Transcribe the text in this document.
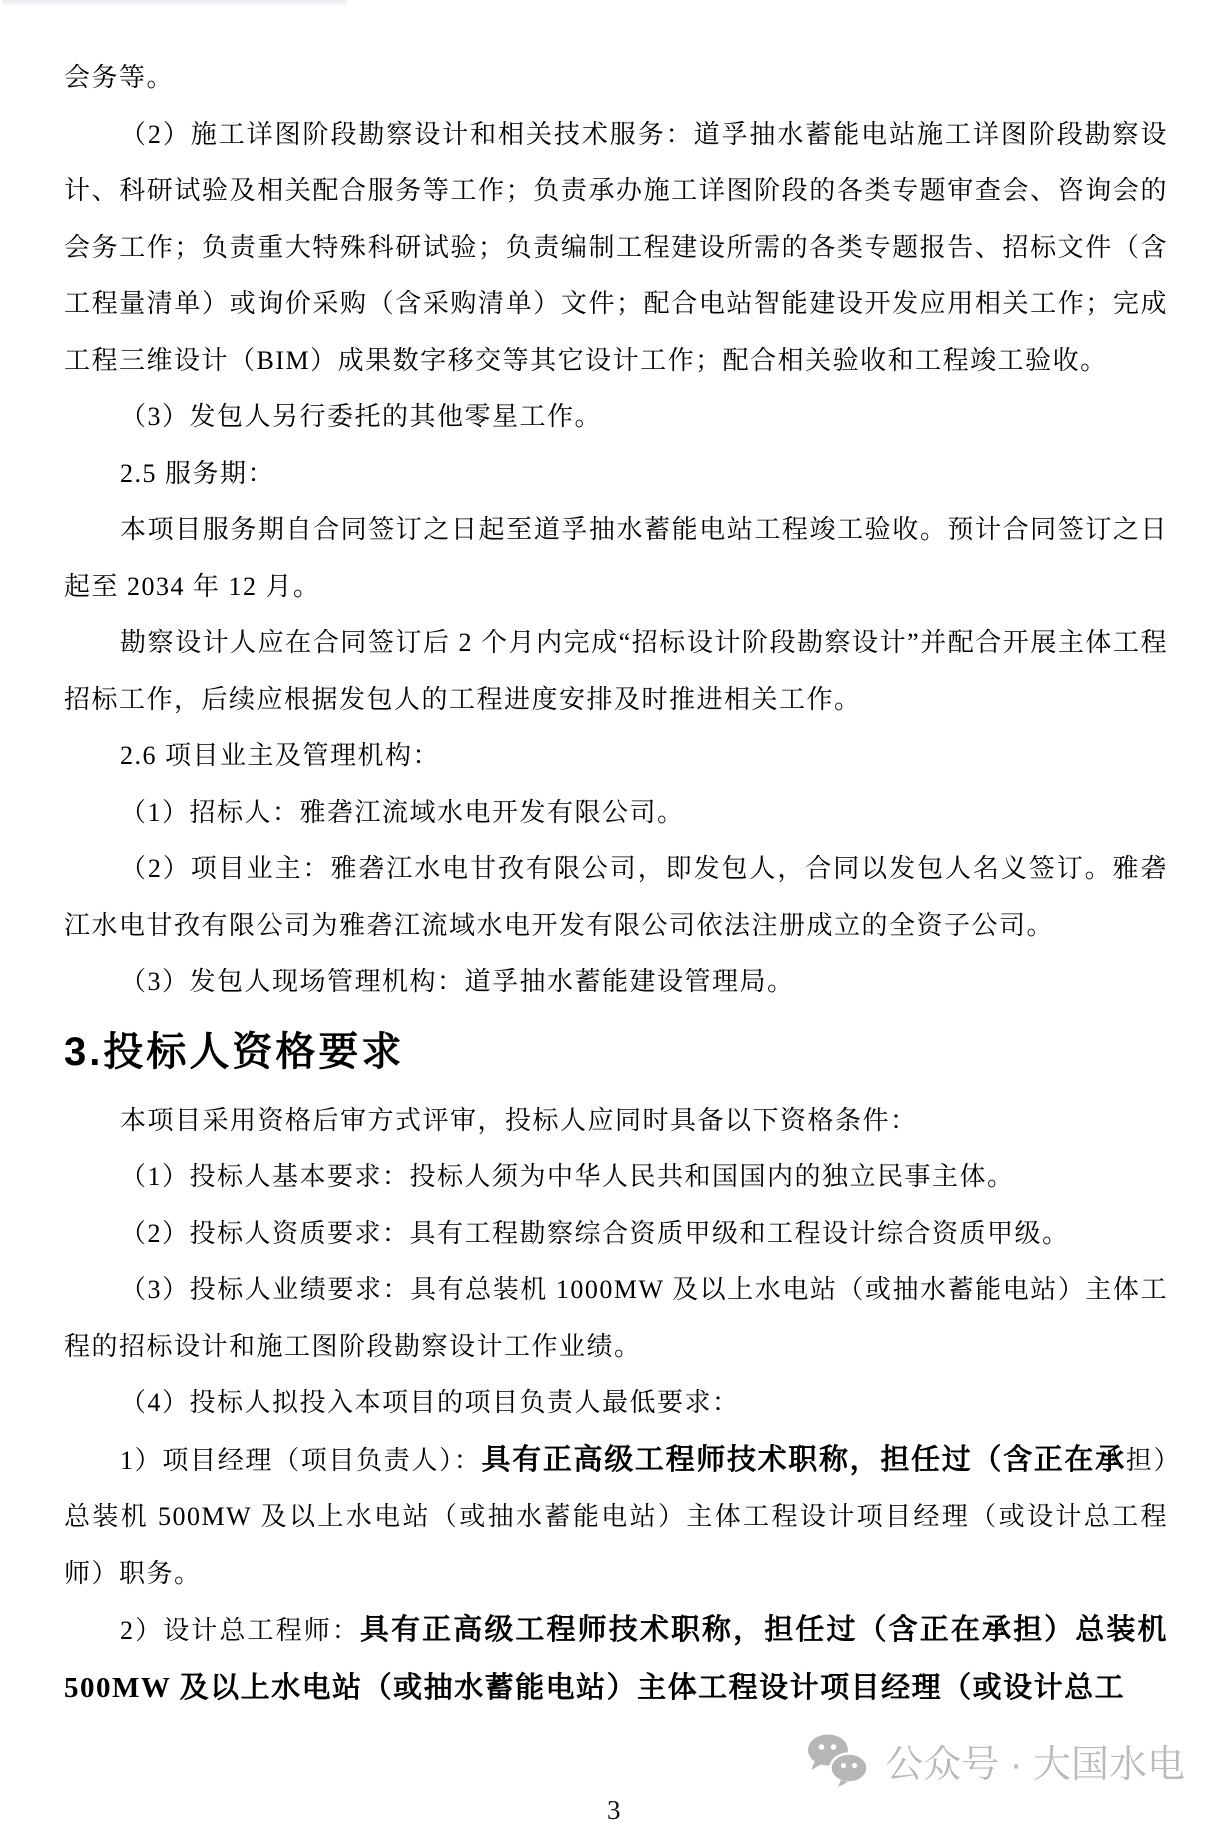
会务等。
（2）施工详图阶段勘察设计和相关技术服务：道孚抽水蓄能电站施工详图阶段勘察设计、科研试验及相关配合服务等工作；负责承办施工详图阶段的各类专题审查会、咨询会的会务工作；负责重大特殊科研试验；负责编制工程建设所需的各类专题报告、招标文件（含工程量清单）或询价采购（含采购清单）文件；配合电站智能建设开发应用相关工作；完成工程三维设计（BIM）成果数字移交等其它设计工作；配合相关验收和工程竣工验收。
（3）发包人另行委托的其他零星工作。
2.5 服务期：
本项目服务期自合同签订之日起至道孚抽水蓄能电站工程竣工验收。预计合同签订之日起至 2034 年 12 月。
勘察设计人应在合同签订后 2 个月内完成“招标设计阶段勘察设计”并配合开展主体工程招标工作，后续应根据发包人的工程进度安排及时推进相关工作。
2.6 项目业主及管理机构：
（1）招标人：雅砻江流域水电开发有限公司。
（2）项目业主：雅砻江水电甘孜有限公司，即发包人，合同以发包人名义签订。雅砻江水电甘孜有限公司为雅砻江流域水电开发有限公司依法注册成立的全资子公司。
（3）发包人现场管理机构：道孚抽水蓄能建设管理局。
3.投标人资格要求
本项目采用资格后审方式评审，投标人应同时具备以下资格条件：
（1）投标人基本要求：投标人须为中华人民共和国国内的独立民事主体。
（2）投标人资质要求：具有工程勘察综合资质甲级和工程设计综合资质甲级。
（3）投标人业绩要求：具有总装机 1000MW 及以上水电站（或抽水蓄能电站）主体工程的招标设计和施工图阶段勘察设计工作业绩。
（4）投标人拟投入本项目的项目负责人最低要求：
1）项目经理（项目负责人）：具有正高级工程师技术职称，担任过（含正在承担）总装机 500MW 及以上水电站（或抽水蓄能电站）主体工程设计项目经理（或设计总工程师）职务。
2）设计总工程师：具有正高级工程师技术职称，担任过（含正在承担）总装机 500MW 及以上水电站（或抽水蓄能电站）主体工程设计项目经理（或设计总工
公众号 · 大国水电
3
